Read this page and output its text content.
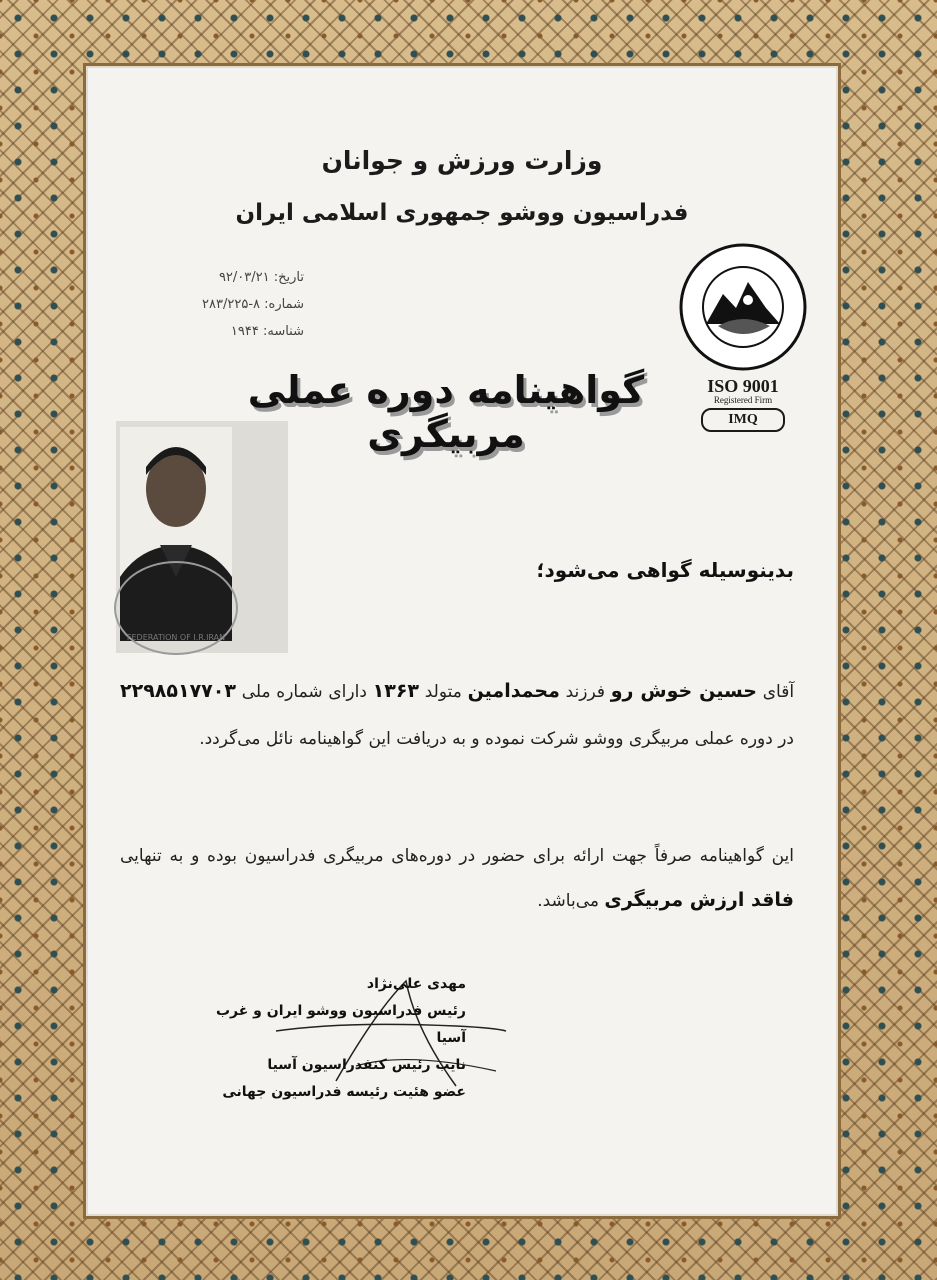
وزارت ورزش و جوانان
فدراسیون ووشو جمهوری اسلامی ایران
تاریخ: ۹۲/۰۳/۲۱
شماره: ۸-۲۸۳/۲۲۵
شناسه: ۱۹۴۴
ISO 9001
Registered Firm
IMQ
گواهینامه دوره عملی مربیگری
FEDERATION OF I.R.IRAN
بدینوسیله گواهی می‌شود؛
آقای حسین خوش رو فرزند محمدامین متولد ۱۳۶۳ دارای شماره ملی ۲۲۹۸۵۱۷۷۰۳ در دوره عملی مربیگری ووشو شرکت نموده و به دریافت این گواهینامه نائل می‌گردد.
این گواهینامه صرفاً جهت ارائه برای حضور در دوره‌های مربیگری فدراسیون بوده و به تنهایی فاقد ارزش مربیگری می‌باشد.
مهدی علی‌نژاد
رئیس فدراسیون ووشو ایران و غرب آسیا
نایب رئیس کنفدراسیون آسیا
عضو هئیت رئیسه فدراسیون جهانی
